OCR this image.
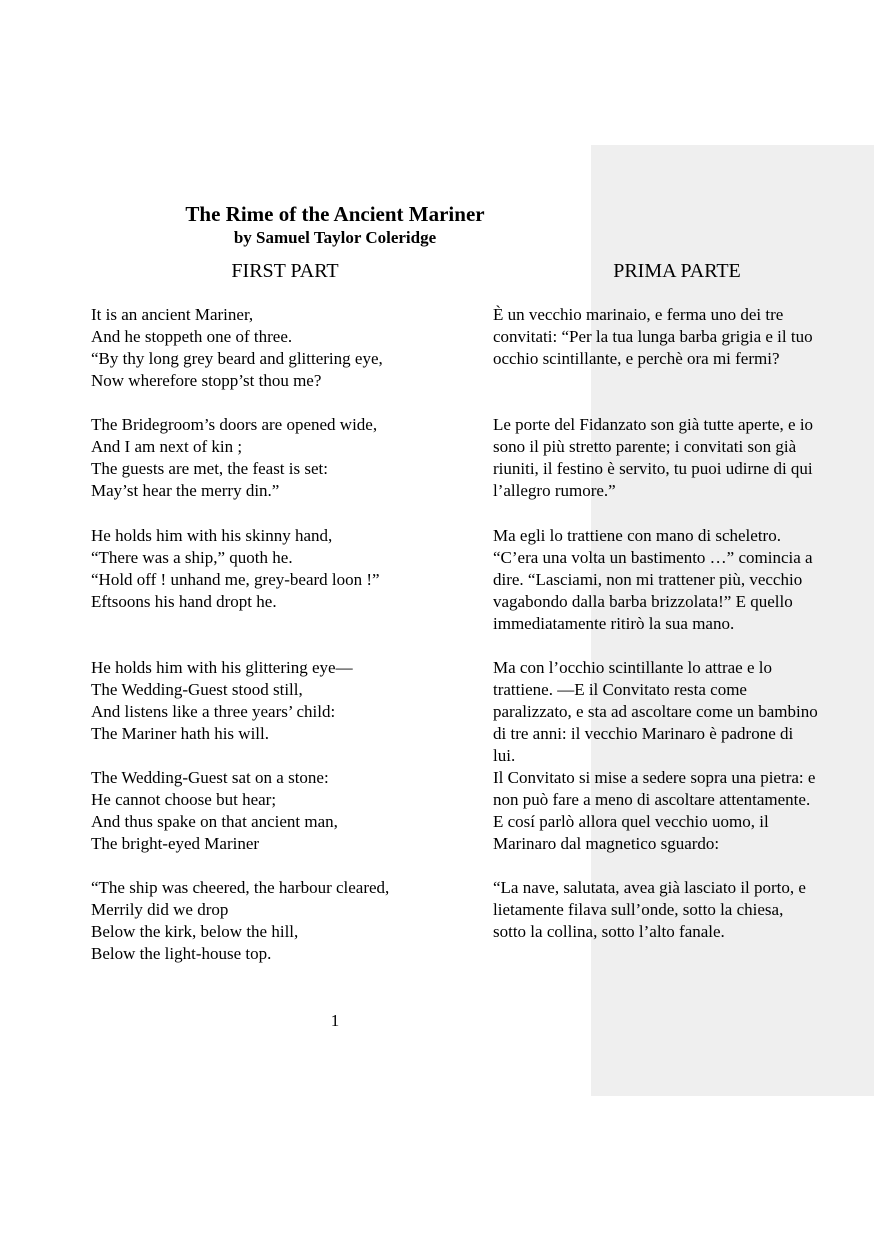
The Rime of the Ancient Mariner
by Samuel Taylor Coleridge
FIRST PART	PRIMA PARTE
It is an ancient Mariner,
And he stoppeth one of three.
“By thy long grey beard and glittering eye,
Now wherefore stopp’st thou me?
The Bridegroom’s doors are opened wide,
And I am next of kin ;
The guests are met, the feast is set:
May’st hear the merry din.”
He holds him with his skinny hand,
“There was a ship,” quoth he.
“Hold off ! unhand me, grey-beard loon !”
Eftsoons his hand dropt he.
He holds him with his glittering eye—
The Wedding-Guest stood still,
And listens like a three years’ child:
The Mariner hath his will.
The Wedding-Guest sat on a stone:
He cannot choose but hear;
And thus spake on that ancient man,
The bright-eyed Mariner
“The ship was cheered, the harbour cleared,
Merrily did we drop
Below the kirk, below the hill,
Below the light-house top.
È un vecchio marinaio, e ferma uno dei tre
convitati: “Per la tua lunga barba grigia e il tuo
occhio scintillante, e perchè ora mi fermi?
Le porte del Fidanzato son già tutte aperte, e io
sono il più stretto parente; i convitati son già
riuniti, il festino è servito, tu puoi udirne di qui
l’allegro rumore.”
Ma egli lo trattiene con mano di scheletro.
“C’era una volta un bastimento …” comincia a
dire. “Lasciami, non mi trattener più, vecchio
vagabondo dalla barba brizzolata!” E quello
immediatamente ritirò la sua mano.
Ma con l’occhio scintillante lo attrae e lo
trattiene. —E il Convitato resta come
paralizzato, e sta ad ascoltare come un bambino
di tre anni: il vecchio Marinaro è padrone di
lui.
Il Convitato si mise a sedere sopra una pietra: e
non può fare a meno di ascoltare attentamente.
E cosí parlò allora quel vecchio uomo, il
Marinaro dal magnetico sguardo:
“La nave, salutata, avea già lasciato il porto, e
lietamente filava sull’onde, sotto la chiesa,
sotto la collina, sotto l’alto fanale.
1
